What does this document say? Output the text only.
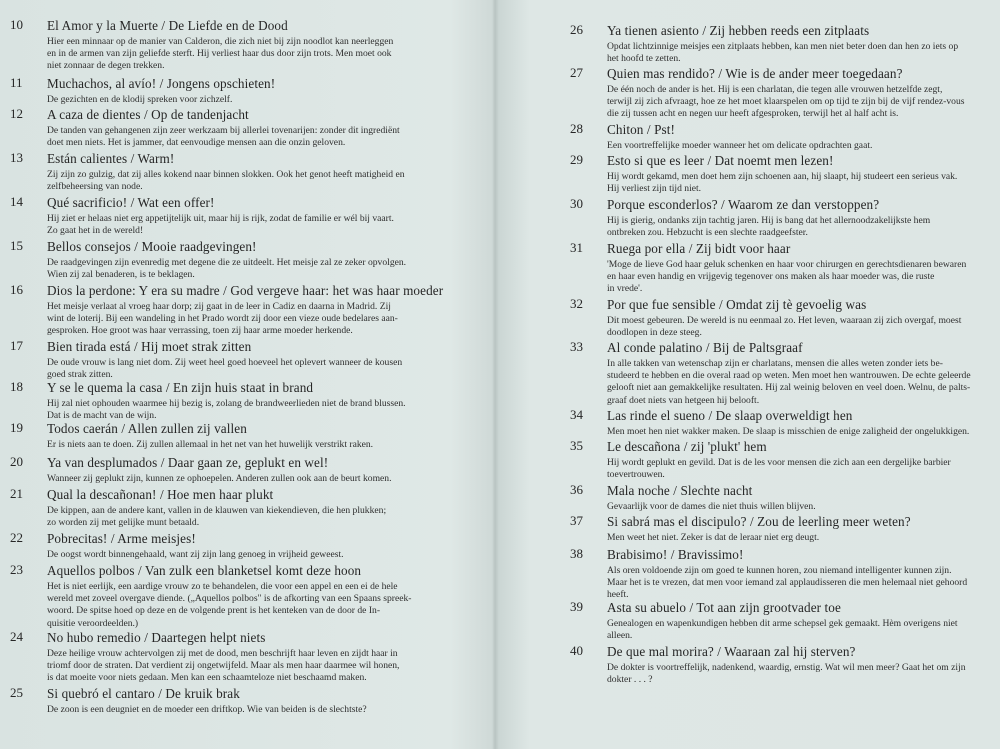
10 El Amor y la Muerte / De Liefde en de Dood
Hier een minnaar op de manier van Calderon, die zich niet bij zijn noodlot kan neerleggen
en in de armen van zijn geliefde sterft. Hij verliest haar dus door zijn trots. Men moet ook
niet zonnaar de degen trekken.
11 Muchachos, al avío! / Jongens opschieten!
De gezichten en de klodij spreken voor zichzelf.
12 A caza de dientes / Op de tandenjacht
De tanden van gehangenen zijn zeer werkzaam bij allerlei tovenarijen: zonder dit ingrediënt
doet men niets. Het is jammer, dat eenvoudige mensen aan die onzin geloven.
13 Están calientes / Warm!
Zij zijn zo gulzig, dat zij alles kokend naar binnen slokken. Ook het genot heeft matigheid en
zelfbeheersing van node.
14 Qué sacrificio! / Wat een offer!
Hij ziet er helaas niet erg appetijtelijk uit, maar hij is rijk, zodat de familie er wél bij vaart.
Zo gaat het in de wereld!
15 Bellos consejos / Mooie raadgevingen!
De raadgevingen zijn evenredig met degene die ze uitdeelt. Het meisje zal ze zeker opvolgen.
Wien zij zal benaderen, is te beklagen.
16 Dios la perdone: Y era su madre / God vergeve haar: het was haar moeder
Het meisje verlaat al vroeg haar dorp; zij gaat in de leer in Cadiz en daarna in Madrid. Zij
wint de loterij. Bij een wandeling in het Prado wordt zij door een vieze oude bedelares aan-
gesproken. Hoe groot was haar verrassing, toen zij haar arme moeder herkende.
17 Bien tirada está / Hij moet strak zitten
De oude vrouw is lang niet dom. Zij weet heel goed hoeveel het oplevert wanneer de kousen
goed strak zitten.
18 Y se le quema la casa / En zijn huis staat in brand
Hij zal niet ophouden waarmee hij bezig is, zolang de brandweerlieden niet de brand blussen.
Dat is de macht van de wijn.
19 Todos caerán / Allen zullen zij vallen
Er is niets aan te doen. Zij zullen allemaal in het net van het huwelijk verstrikt raken.
20 Ya van desplumados / Daar gaan ze, geplukt en wel!
Wanneer zij geplukt zijn, kunnen ze ophoepelen. Anderen zullen ook aan de beurt komen.
21 Qual la descañonan! / Hoe men haar plukt
De kippen, aan de andere kant, vallen in de klauwen van kiekendieven, die hen plukken;
zo worden zij met gelijke munt betaald.
22 Pobrecitas! / Arme meisjes!
De oogst wordt binnengehaald, want zij zijn lang genoeg in vrijheid geweest.
23 Aquellos polbos / Van zulk een blanketsel komt deze hoon
Het is niet eerlijk, een aardige vrouw zo te behandelen, die voor een appel en een ei de hele
wereld met zoveel overgave diende. („Aquellos polbos" is de afkorting van een Spaans spreek-
woord. De spitse hoed op deze en de volgende prent is het kenteken van de door de In-
quisitie veroordeelden.)
24 No hubo remedio / Daartegen helpt niets
Deze heilige vrouw achtervolgen zij met de dood, men beschrijft haar leven en zijdt haar in
triomf door de straten. Dat verdient zij ongetwijfeld. Maar als men haar daarmee wil honen,
is dat moeite voor niets gedaan. Men kan een schaamteloze niet beschaamd maken.
25 Si quebró el cantaro / De kruik brak
De zoon is een deugniet en de moeder een driftkop. Wie van beiden is de slechtste?
26 Ya tienen asiento / Zij hebben reeds een zitplaats
Opdat lichtzinnige meisjes een zitplaats hebben, kan men niet beter doen dan hen zo iets op
het hoofd te zetten.
27 Quien mas rendido? / Wie is de ander meer toegedaan?
De één noch de ander is het. Hij is een charlatan, die tegen alle vrouwen hetzelfde zegt,
terwijl zij zich afvraagt, hoe ze het moet klaarspelen om op tijd te zijn bij de vijf rendez-vous
die zij tussen acht en negen uur heeft afgesproken, terwijl het al half acht is.
28 Chiton / Pst!
Een voortreffelijke moeder wanneer het om delicate opdrachten gaat.
29 Esto si que es leer / Dat noemt men lezen!
Hij wordt gekamd, men doet hem zijn schoenen aan, hij slaapt, hij studeert een serieus vak.
Hij verliest zijn tijd niet.
30 Porque esconderlos? / Waarom ze dan verstoppen?
Hij is gierig, ondanks zijn tachtig jaren. Hij is bang dat het allernoodzakelijkste hem
ontbreken zou. Hebzucht is een slechte raadgeefster.
31 Ruega por ella / Zij bidt voor haar
'Moge de lieve God haar geluk schenken en haar voor chirurgen en gerechtsdienaren bewaren
en haar even handig en vrijgevig tegenover ons maken als haar moeder was, die ruste
in vrede'.
32 Por que fue sensible / Omdat zij tè gevoelig was
Dit moest gebeuren. De wereld is nu eenmaal zo. Het leven, waaraan zij zich overgaf, moest
doodlopen in deze steeg.
33 Al conde palatino / Bij de Paltsgraaf
In alle takken van wetenschap zijn er charlatans, mensen die alles weten zonder iets be-
studeerd te hebben en die overal raad op weten. Men moet hen wantrouwen. De echte geleerde
gelooft niet aan gemakkelijke resultaten. Hij zal weinig beloven en veel doen. Welnu, de palts-
graaf doet niets van hetgeen hij belooft.
34 Las rinde el sueno / De slaap overweldigt hen
Men moet hen niet wakker maken. De slaap is misschien de enige zaligheid der ongelukkigen.
35 Le descañona / zij 'plukt' hem
Hij wordt geplukt en gevild. Dat is de les voor mensen die zich aan een dergelijke barbier
toevertrouwen.
36 Mala noche / Slechte nacht
Gevaarlijk voor de dames die niet thuis willen blijven.
37 Si sabrá mas el discipulo? / Zou de leerling meer weten?
Men weet het niet. Zeker is dat de leraar niet erg deugt.
38 Brabisimo! / Bravissimo!
Als oren voldoende zijn om goed te kunnen horen, zou niemand intelligenter kunnen zijn.
Maar het is te vrezen, dat men voor iemand zal applaudisseren die men helemaal niet gehoord
heeft.
39 Asta su abuelo / Tot aan zijn grootvader toe
Genealogen en wapenkundigen hebben dit arme schepsel gek gemaakt. Hèm overigens niet
alleen.
40 De que mal morira? / Waaraan zal hij sterven?
De dokter is voortreffelijk, nadenkend, waardig, ernstig. Wat wil men meer? Gaat het om zijn
dokter . . . ?
